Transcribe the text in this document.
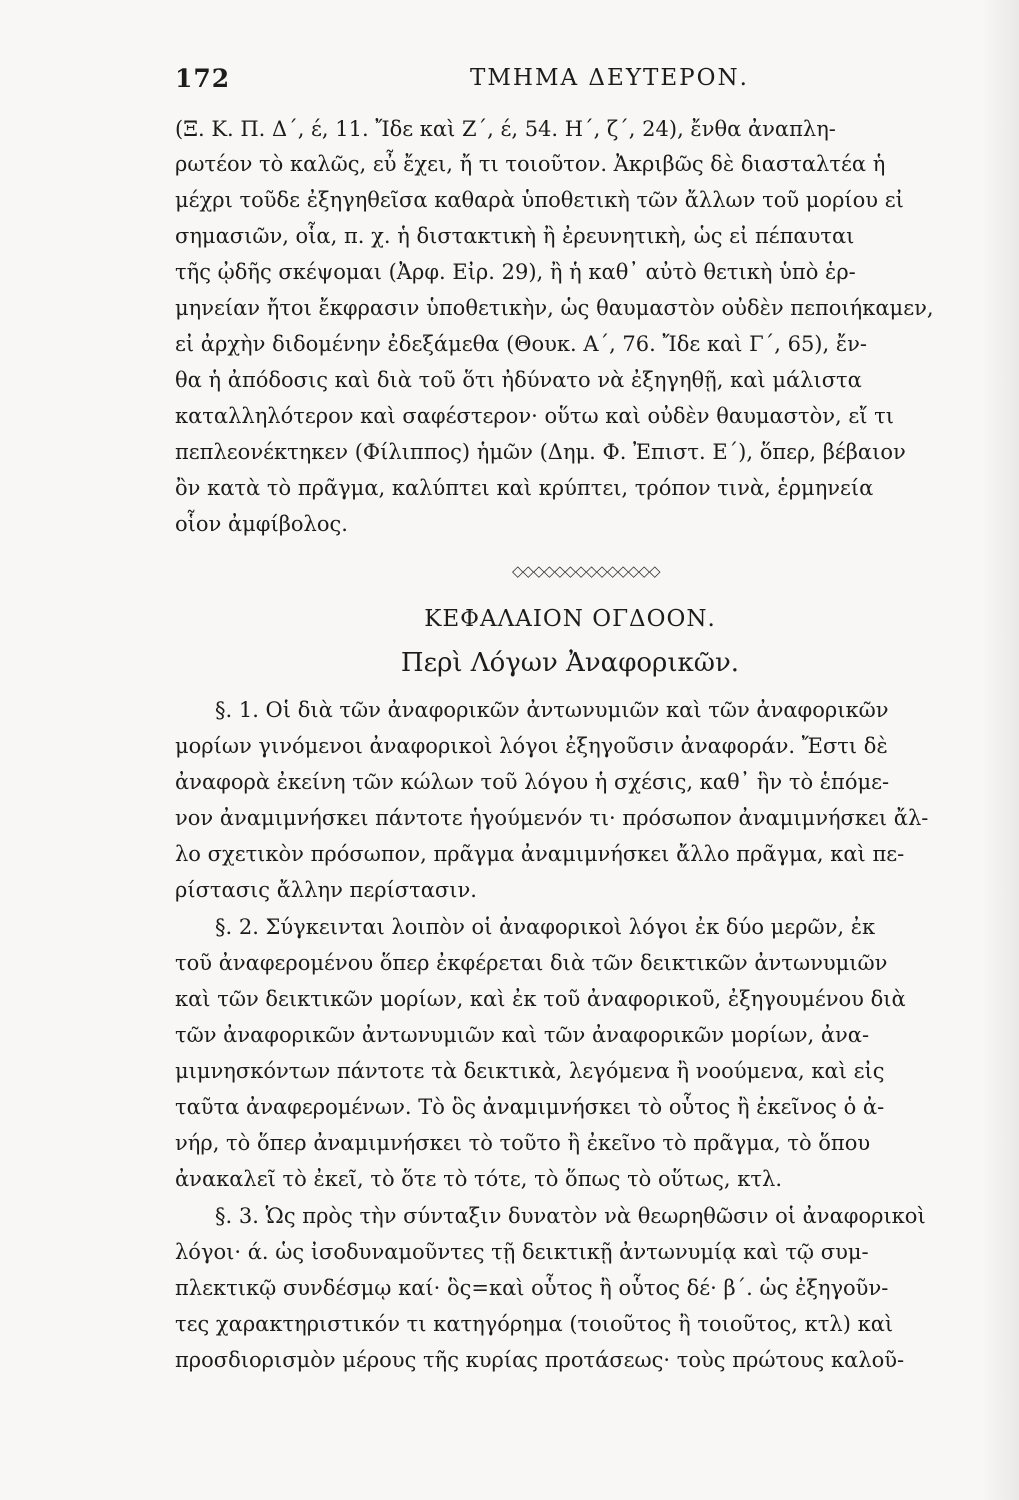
172	ΤΜΗΜΑ ΔΕΥΤΕΡΟΝ.
(Ξ. Κ. Π. Δ΄, έ, 11. Ἴδε καὶ Ζ΄, έ, 54. Η΄, ζ΄, 24), ἔνθα ἀναπλη-
ρωτέον τὸ καλῶς, εὖ ἔχει, ἤ τι τοιοῦτον. Ἀκριβῶς δὲ διασταλτέα ἡ
μέχρι τοῦδε ἐξηγηθεῖσα καθαρὰ ὑποθετικὴ τῶν ἄλλων τοῦ μορίου εἰ
σημασιῶν, οἷα, π. χ. ἡ διστακτικὴ ἢ ἐρευνητικὴ, ὡς εἰ πέπαυται
τῆς ᾠδῆς σκέψομαι (Ἀρφ. Εἰρ. 29), ἢ ἡ καθ᾽ αὐτὸ θετικὴ ὑπὸ ἑρ-
μηνείαν ἤτοι ἔκφρασιν ὑποθετικὴν, ὡς θαυμαστὸν οὐδὲν πεποιήκαμεν,
εἰ ἀρχὴν διδομένην ἐδεξάμεθα (Θουκ. Α΄, 76. Ἴδε καὶ Γ΄, 65), ἔν-
θα ἡ ἀπόδοσις καὶ διὰ τοῦ ὅτι ἠδύνατο νὰ ἐξηγηθῇ, καὶ μάλιστα
καταλληλότερον καὶ σαφέστερον· οὕτω καὶ οὐδὲν θαυμαστὸν, εἴ τι
πεπλεονέκτηκεν (Φίλιππος) ἡμῶν (Δημ. Φ. Ἐπιστ. Ε΄), ὅπερ, βέβαιον
ὂν κατὰ τὸ πρᾶγμα, καλύπτει καὶ κρύπτει, τρόπον τινὰ, ἑρμηνεία
οἷον ἀμφίβολος.
◇◇◇◇◇◇◇◇◇◇◇◇◇◇
ΚΕΦΑΛΑΙΟΝ ΟΓΔΟΟΝ.
Περὶ Λόγων Ἀναφορικῶν.
§. 1. Οἱ διὰ τῶν ἀναφορικῶν ἀντωνυμιῶν καὶ τῶν ἀναφορικῶν
μορίων γινόμενοι ἀναφορικοὶ λόγοι ἐξηγοῦσιν ἀναφοράν. Ἔστι δὲ
ἀναφορὰ ἐκείνη τῶν κώλων τοῦ λόγου ἡ σχέσις, καθ᾽ ἣν τὸ ἑπόμε-
νον ἀναμιμνήσκει πάντοτε ἡγούμενόν τι· πρόσωπον ἀναμιμνήσκει ἄλ-
λο σχετικὸν πρόσωπον, πρᾶγμα ἀναμιμνήσκει ἄλλο πρᾶγμα, καὶ πε-
ρίστασις ἄλλην περίστασιν.
§. 2. Σύγκεινται λοιπὸν οἱ ἀναφορικοὶ λόγοι ἐκ δύο μερῶν, ἐκ
τοῦ ἀναφερομένου ὅπερ ἐκφέρεται διὰ τῶν δεικτικῶν ἀντωνυμιῶν
καὶ τῶν δεικτικῶν μορίων, καὶ ἐκ τοῦ ἀναφορικοῦ, ἐξηγουμένου διὰ
τῶν ἀναφορικῶν ἀντωνυμιῶν καὶ τῶν ἀναφορικῶν μορίων, ἀνα-
μιμνησκόντων πάντοτε τὰ δεικτικὰ, λεγόμενα ἢ νοούμενα, καὶ εἰς
ταῦτα ἀναφερομένων. Τὸ ὃς ἀναμιμνήσκει τὸ οὗτος ἢ ἐκεῖνος ὁ ἀ-
νήρ, τὸ ὅπερ ἀναμιμνήσκει τὸ τοῦτο ἢ ἐκεῖνο τὸ πρᾶγμα, τὸ ὅπου
ἀνακαλεῖ τὸ ἐκεῖ, τὸ ὅτε τὸ τότε, τὸ ὅπως τὸ οὕτως, κτλ.
§. 3. Ὡς πρὸς τὴν σύνταξιν δυνατὸν νὰ θεωρηθῶσιν οἱ ἀναφορικοὶ
λόγοι· ά. ὡς ἰσοδυναμοῦντες τῇ δεικτικῇ ἀντωνυμίᾳ καὶ τῷ συμ-
πλεκτικῷ συνδέσμῳ καί· ὃς=καὶ οὗτος ἢ οὗτος δέ· β΄. ὡς ἐξηγοῦν-
τες χαρακτηριστικόν τι κατηγόρημα (τοιοῦτος ἢ τοιοῦτος, κτλ) καὶ
προσδιορισμὸν μέρους τῆς κυρίας προτάσεως· τοὺς πρώτους καλοῦ-
